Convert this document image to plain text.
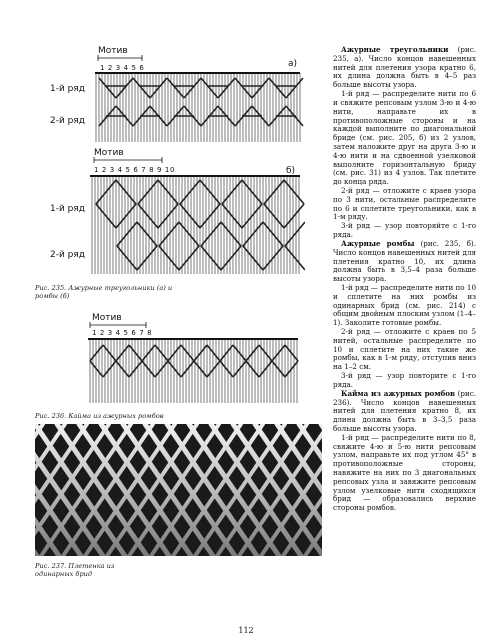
Мотив
1 2 3 4 5 6	а)
1-й ряд
2-й ряд
Мотив
1 2 3 4 5 6 7 8 9 10	б)
1-й ряд
2-й ряд
Рис. 235. Ажурные треугольники (а) и ромбы (б)
Мотив
1 2 3 4 5 6 7 8
Рис. 236. Кайма из ажурных ромбов
Рис. 237. Плетенка из одинарных брид

Ажурные треугольники (рис. 235, а). Число концов навешенных нитей для плетения узора кратно 6, их длина должна быть в 4–5 раз больше высоты узора.

1-й ряд — распределите нити по 6 и свяжите репсовым узлом 3-ю и 4-ю нити, направьте их в противоположные стороны и на каждой выполните по диагональной бриде (см. рис. 205, б) из 2 узлов, затем наложите друг на друга 3-ю и 4-ю нити и на сдвоенной узелковой выполните горизонтальную бриду (см. рис. 31) из 4 узлов. Так плетите до конца ряда.

2-й ряд — отложите с краев узора по 3 нити, остальные распределите по 6 и сплетите треугольники, как в 1-м ряду.

3-й ряд — узор повторяйте с 1-го ряда.

Ажурные ромбы (рис. 235, б). Число концов навешенных нитей для плетения кратно 10, их длина должна быть в 3,5–4 раза больше высоты узора.

1-й ряд — распределите нити по 10 и сплетите на них ромбы из одинарных брид (см. рис. 214) с общим двойным плоским узлом (1–4–1). Заколите готовые ромбы.

2-й ряд — отложите с краев по 5 нитей, остальные распределите по 10 и сплетите на них такие же ромбы, как в 1-м ряду, отступив вниз на 1–2 см.

3-й ряд — узор повторите с 1-го ряда.

Кайма из ажурных ромбов (рис. 236). Число концов навешенных нитей для плетения кратно 8, их длина должна быть в 3–3,5 раза больше высоты узора.

1-й ряд — распределите нити по 8, свяжите 4-ю и 5-ю нити репсовым узлом, направьте их под углом 45° в противоположные стороны, навяжите на них по 3 диагональных репсовых узла и завяжите репсовым узлом узелковые нити сходящихся брид — образовались верхние стороны ромбов.

112
